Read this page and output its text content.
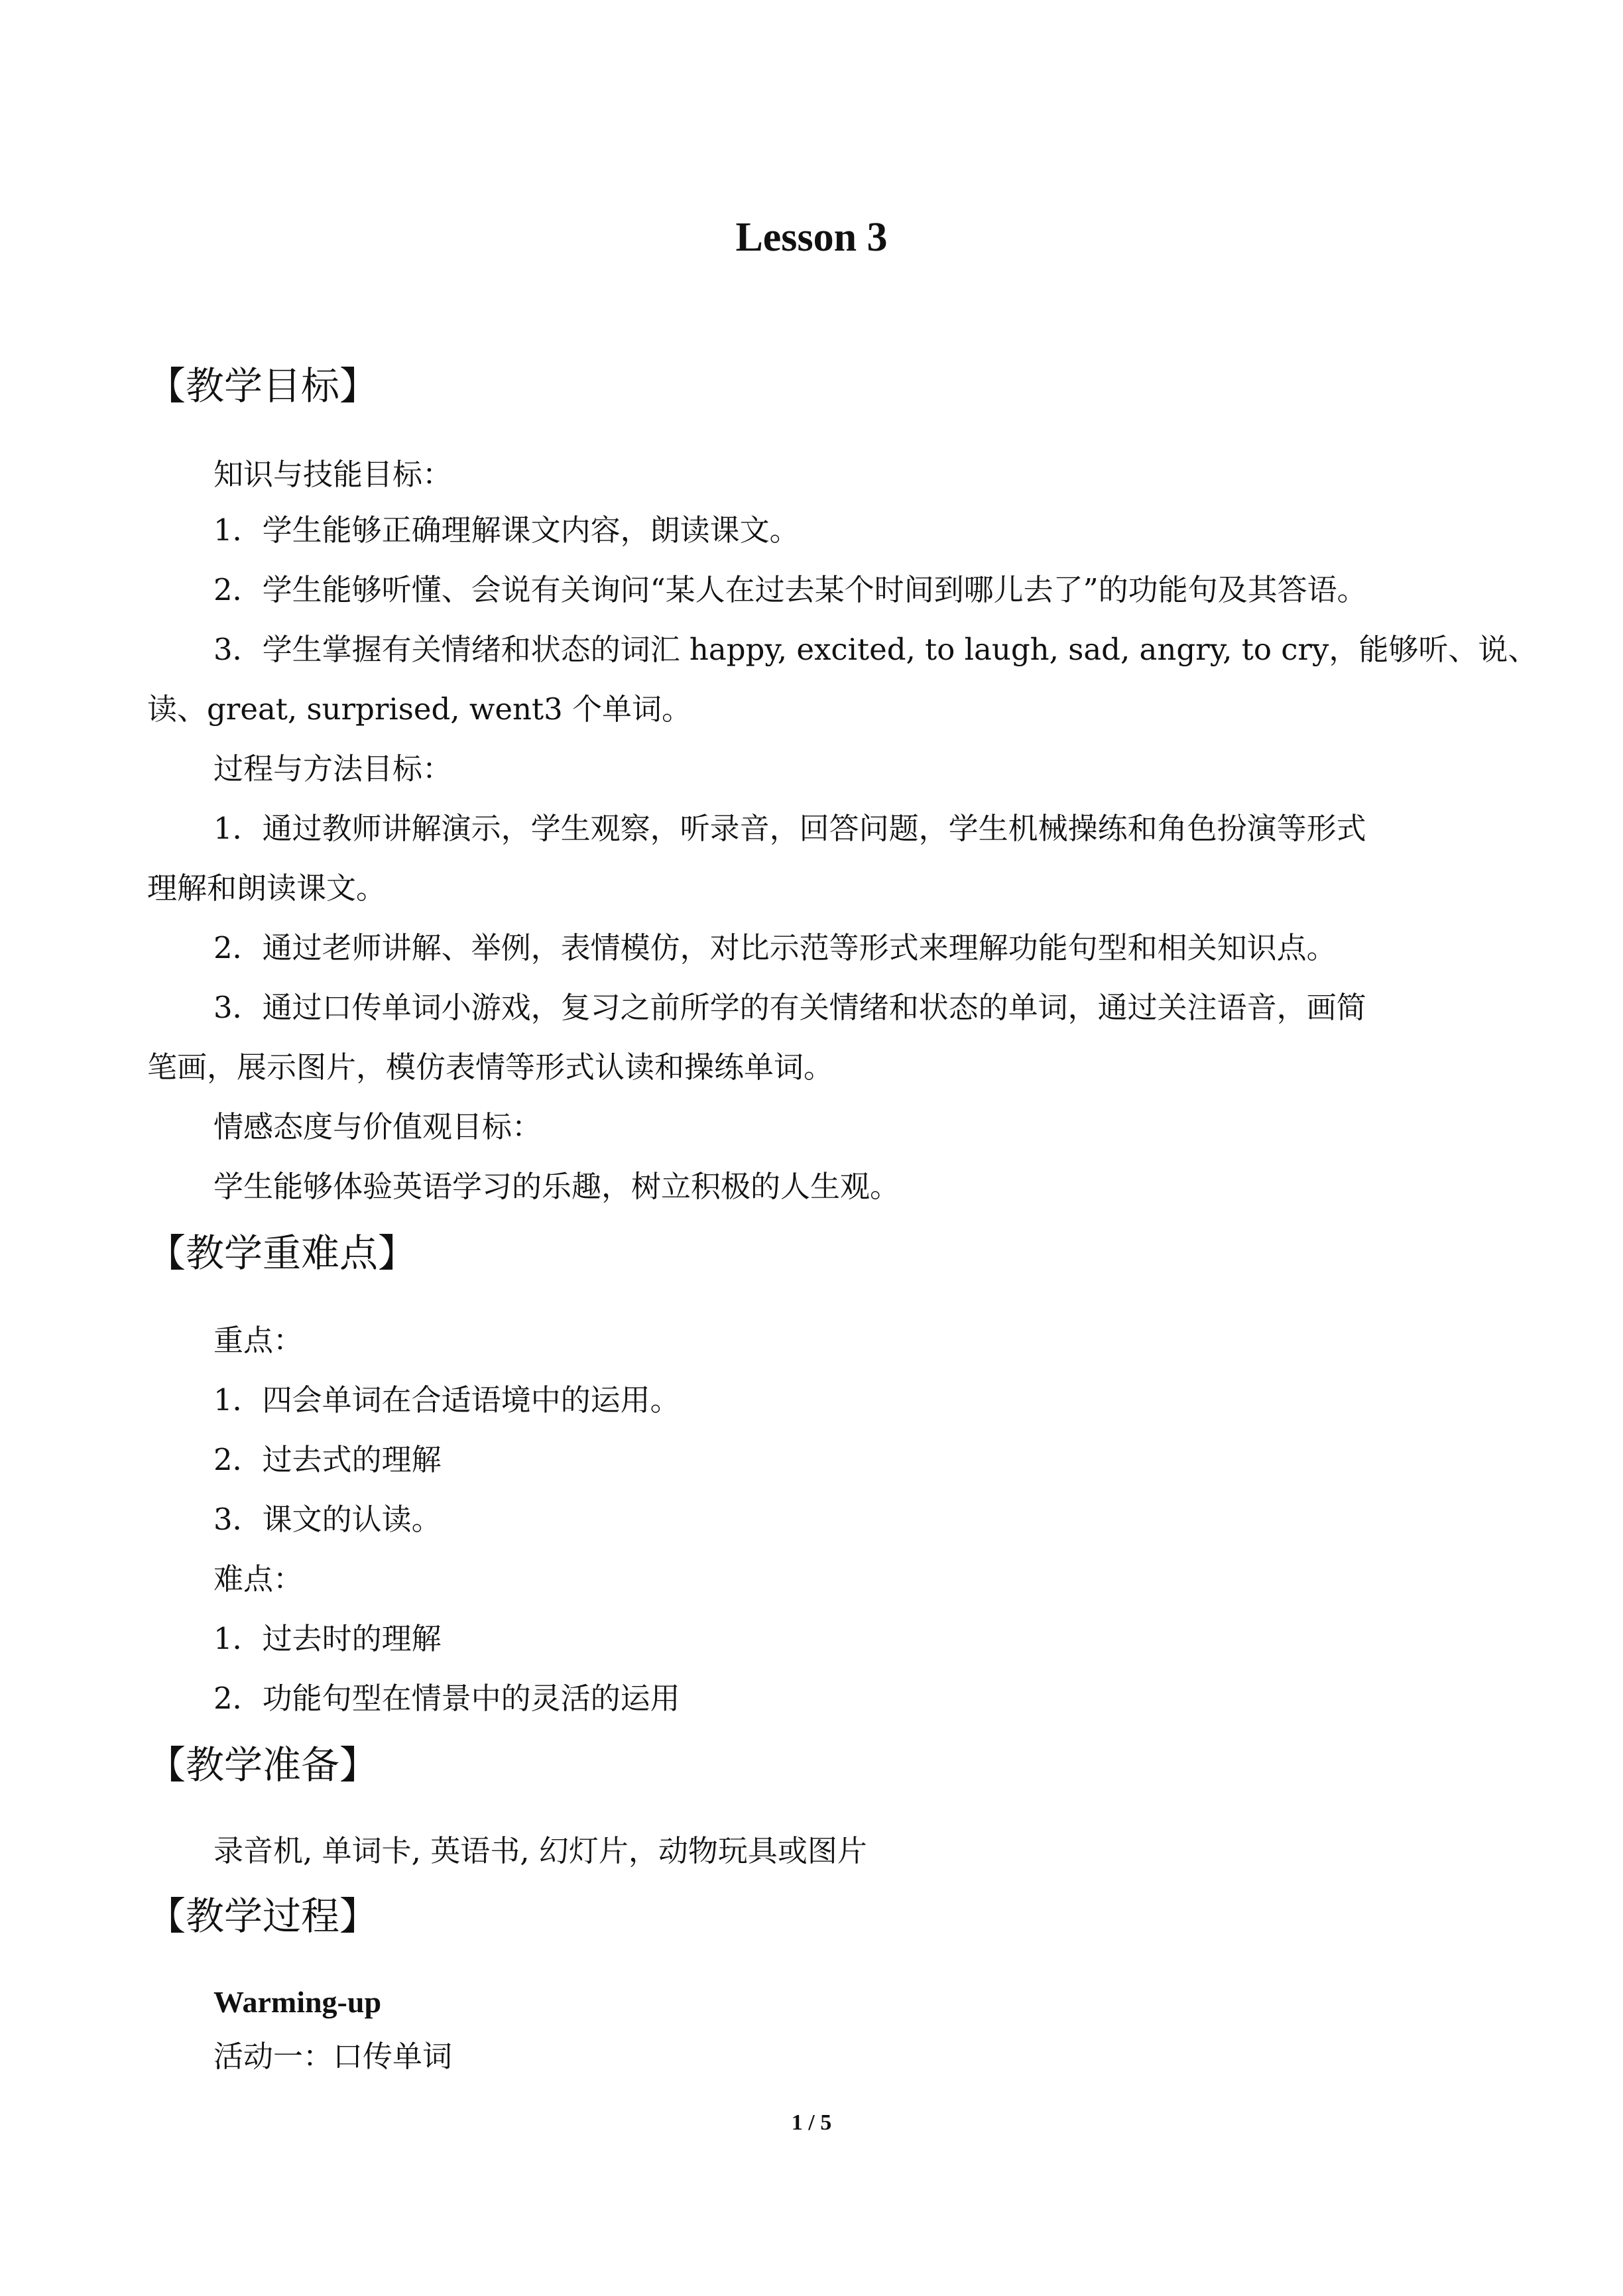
Lesson 3
【教学目标】
知识与技能目标：
1．学生能够正确理解课文内容，朗读课文。
2．学生能够听懂、会说有关询问“某人在过去某个时间到哪儿去了”的功能句及其答语。
3．学生掌握有关情绪和状态的词汇 happy, excited, to laugh, sad, angry, to cry，能够听、说、
读、great, surprised, went3 个单词。
过程与方法目标：
1．通过教师讲解演示，学生观察，听录音，回答问题，学生机械操练和角色扮演等形式
理解和朗读课文。
2．通过老师讲解、举例，表情模仿，对比示范等形式来理解功能句型和相关知识点。
3．通过口传单词小游戏，复习之前所学的有关情绪和状态的单词，通过关注语音，画简
笔画，展示图片，模仿表情等形式认读和操练单词。
情感态度与价值观目标：
学生能够体验英语学习的乐趣，树立积极的人生观。
【教学重难点】
重点：
1．四会单词在合适语境中的运用。
2．过去式的理解
3．课文的认读。
难点：
1．过去时的理解
2．功能句型在情景中的灵活的运用
【教学准备】
录音机, 单词卡, 英语书, 幻灯片，动物玩具或图片
【教学过程】
Warming-up
活动一：口传单词
1 / 5
